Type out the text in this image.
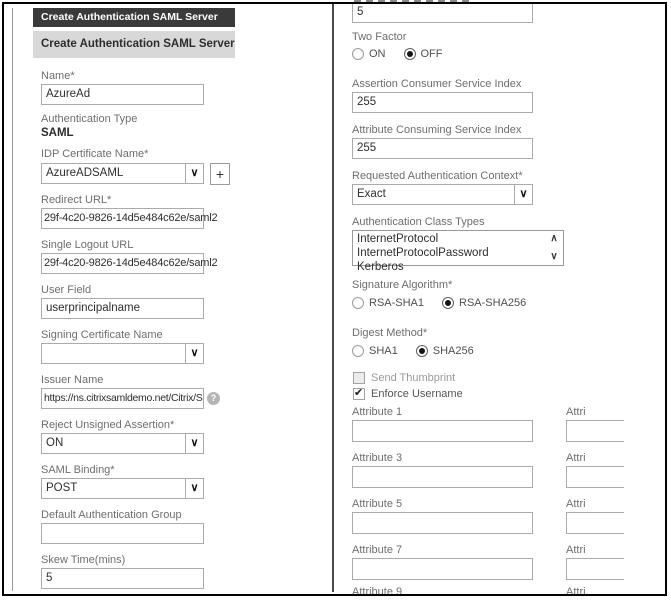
Create Authentication SAML Server
Create Authentication SAML Server
Name*
AzureAd
Authentication Type
SAML
IDP Certificate Name*
AzureADSAML	∨	+
Redirect URL*
29f-4c20-9826-14d5e484c62e/saml2
Single Logout URL
29f-4c20-9826-14d5e484c62e/saml2
User Field
userprincipalname
Signing Certificate Name
∨
Issuer Name
https://ns.citrixsamldemo.net/Citrix/S ?
Reject Unsigned Assertion*
ON	∨
SAML Binding*
POST	∨
Default Authentication Group
Skew Time(mins)
5
5
Two Factor
ON	OFF
Assertion Consumer Service Index
255
Attribute Consuming Service Index
255
Requested Authentication Context*
Exact	∨
Authentication Class Types
InternetProtocol
InternetProtocolPassword
Kerberos
∧
∨
Signature Algorithm*
RSA-SHA1	RSA-SHA256
Digest Method*
SHA1	SHA256
Send Thumbprint
✔ Enforce Username
Attribute 1	Attri
Attribute 3	Attri
Attribute 5	Attri
Attribute 7	Attri
Attribute 9	Attri
